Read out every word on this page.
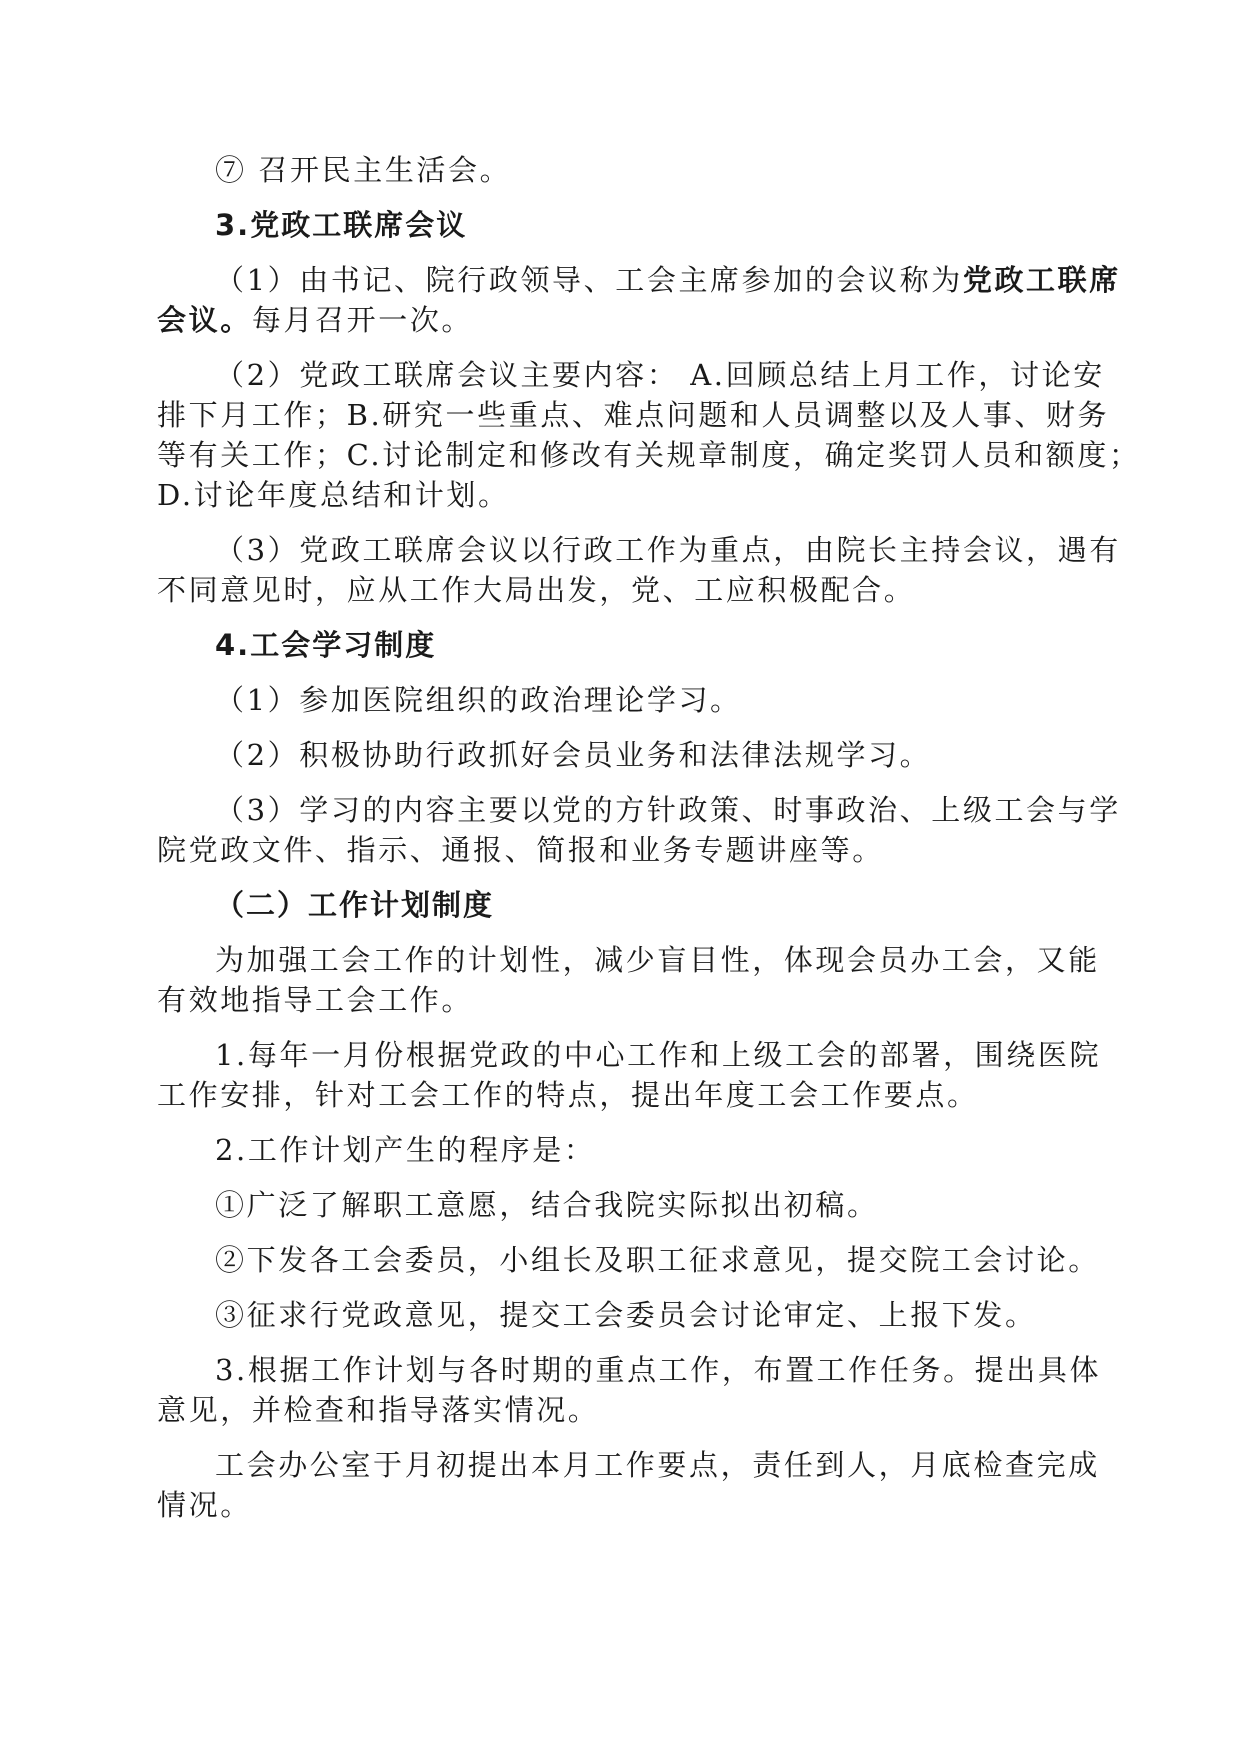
⑦ 召开民主生活会。

3.党政工联席会议

（1）由书记、院行政领导、工会主席参加的会议称为党政工联席

会议。每月召开一次。

（2）党政工联席会议主要内容： A.回顾总结上月工作，讨论安

排下月工作；B.研究一些重点、难点问题和人员调整以及人事、财务

等有关工作；C.讨论制定和修改有关规章制度，确定奖罚人员和额度；

D.讨论年度总结和计划。

（3）党政工联席会议以行政工作为重点，由院长主持会议，遇有

不同意见时，应从工作大局出发，党、工应积极配合。

4.工会学习制度

（1）参加医院组织的政治理论学习。

（2）积极协助行政抓好会员业务和法律法规学习。

（3）学习的内容主要以党的方针政策、时事政治、上级工会与学

院党政文件、指示、通报、简报和业务专题讲座等。

（二）工作计划制度

为加强工会工作的计划性，减少盲目性，体现会员办工会，又能

有效地指导工会工作。

1.每年一月份根据党政的中心工作和上级工会的部署，围绕医院

工作安排，针对工会工作的特点，提出年度工会工作要点。

2.工作计划产生的程序是：

①广泛了解职工意愿，结合我院实际拟出初稿。

②下发各工会委员，小组长及职工征求意见，提交院工会讨论。

③征求行党政意见，提交工会委员会讨论审定、上报下发。

3.根据工作计划与各时期的重点工作，布置工作任务。提出具体

意见，并检查和指导落实情况。

工会办公室于月初提出本月工作要点，责任到人，月底检查完成

情况。
